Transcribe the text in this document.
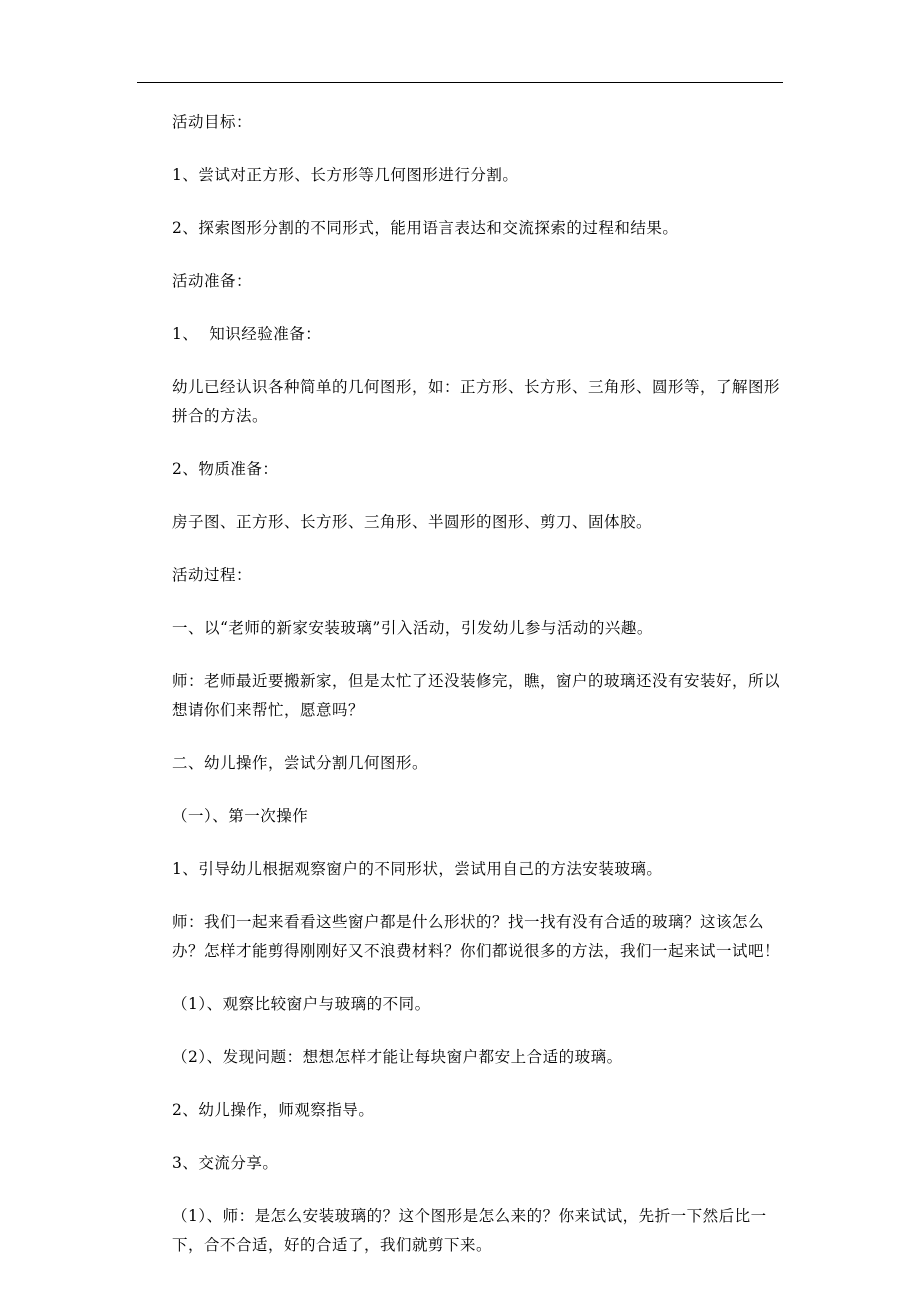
活动目标：

1、尝试对正方形、长方形等几何图形进行分割。

2、探索图形分割的不同形式，能用语言表达和交流探索的过程和结果。

活动准备：

1、  知识经验准备：

幼儿已经认识各种简单的几何图形，如：正方形、长方形、三角形、圆形等，了解图形拼合的方法。

2、物质准备：

房子图、正方形、长方形、三角形、半圆形的图形、剪刀、固体胶。

活动过程：

一、以“老师的新家安装玻璃”引入活动，引发幼儿参与活动的兴趣。

师：老师最近要搬新家，但是太忙了还没装修完，瞧，窗户的玻璃还没有安装好，所以想请你们来帮忙，愿意吗？

二、幼儿操作，尝试分割几何图形。

（一）、第一次操作

1、引导幼儿根据观察窗户的不同形状，尝试用自己的方法安装玻璃。

师：我们一起来看看这些窗户都是什么形状的？找一找有没有合适的玻璃？这该怎么办？怎样才能剪得刚刚好又不浪费材料？你们都说很多的方法，我们一起来试一试吧！

（1）、观察比较窗户与玻璃的不同。

（2）、发现问题：想想怎样才能让每块窗户都安上合适的玻璃。

2、幼儿操作，师观察指导。

3、交流分享。

（1）、师：是怎么安装玻璃的？这个图形是怎么来的？你来试试，先折一下然后比一下，合不合适，好的合适了，我们就剪下来。
